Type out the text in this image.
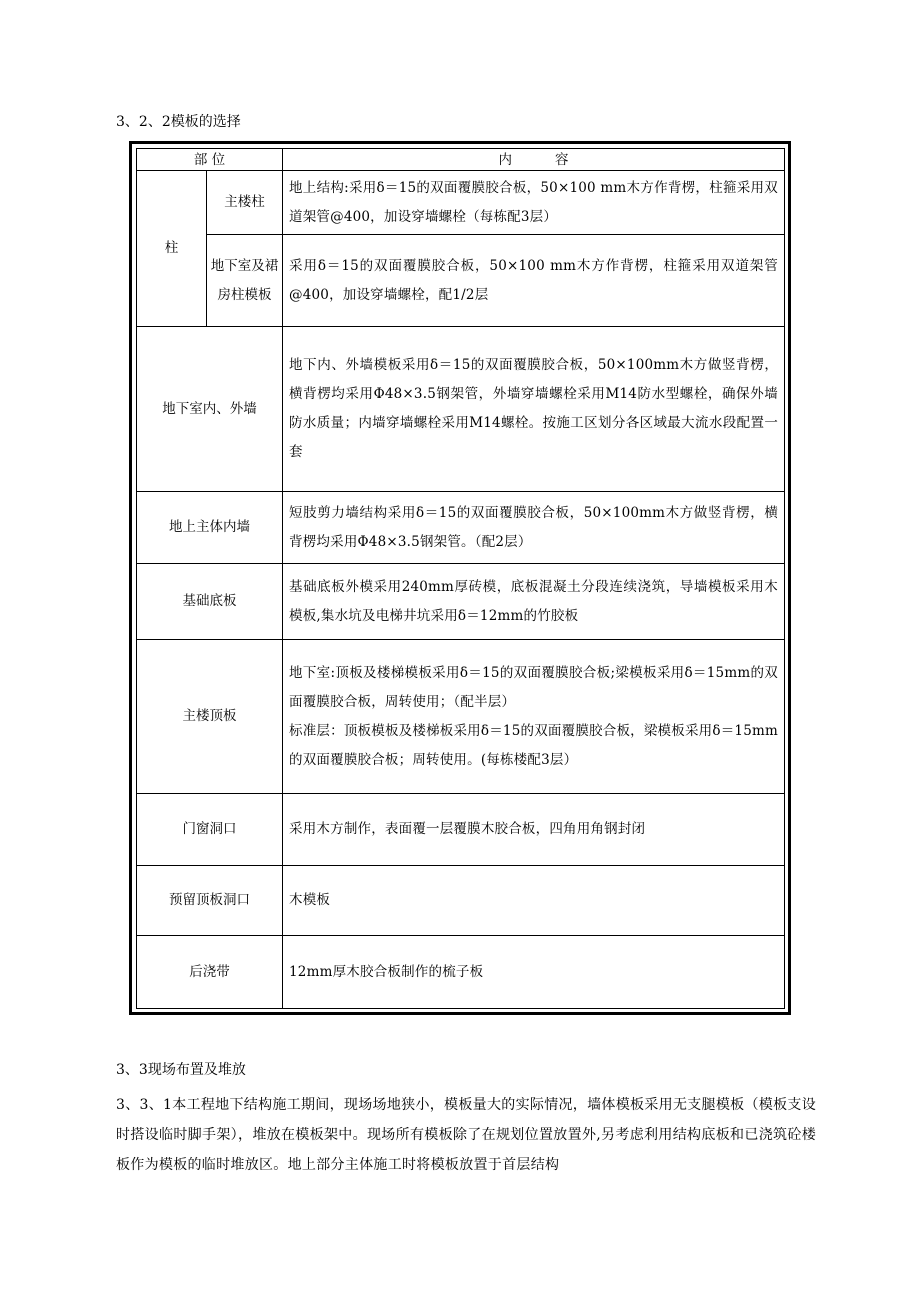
3、2、2模板的选择
部 位		内          容
柱	主楼柱	地上结构:采用δ＝15的双面覆膜胶合板，50×100 mm木方作背楞，柱箍采用双道架管@400，加设穿墙螺栓（每栋配3层）
	地下室及裙房柱模板	采用δ＝15的双面覆膜胶合板，50×100 mm木方作背楞，柱箍采用双道架管@400，加设穿墙螺栓，配1/2层
地下室内、外墙		地下内、外墙模板采用δ＝15的双面覆膜胶合板，50×100mm木方做竖背楞，横背楞均采用Φ48×3.5钢架管，外墙穿墙螺栓采用M14防水型螺栓，确保外墙防水质量；内墙穿墙螺栓采用M14螺栓。按施工区划分各区域最大流水段配置一套
地上主体内墙		短肢剪力墙结构采用δ＝15的双面覆膜胶合板，50×100mm木方做竖背楞，横背楞均采用Φ48×3.5钢架管。（配2层）
基础底板		基础底板外模采用240mm厚砖模，底板混凝土分段连续浇筑，导墙模板采用木模板,集水坑及电梯井坑采用δ＝12mm的竹胶板
主楼顶板		地下室:顶板及楼梯模板采用δ＝15的双面覆膜胶合板;梁模板采用δ＝15mm的双面覆膜胶合板，周转使用；（配半层）
标准层：顶板模板及楼梯板采用δ＝15的双面覆膜胶合板，梁模板采用δ＝15mm的双面覆膜胶合板；周转使用。(每栋楼配3层）

门窗洞口		采用木方制作，表面覆一层覆膜木胶合板，四角用角钢封闭
预留顶板洞口		木模板
后浇带		12mm厚木胶合板制作的梳子板
3、3现场布置及堆放
3、3、1本工程地下结构施工期间，现场场地狭小，模板量大的实际情况，墙体模板采用无支腿模板（模板支设时搭设临时脚手架），堆放在模板架中。现场所有模板除了在规划位置放置外,另考虑利用结构底板和已浇筑砼楼板作为模板的临时堆放区。地上部分主体施工时将模板放置于首层结构
